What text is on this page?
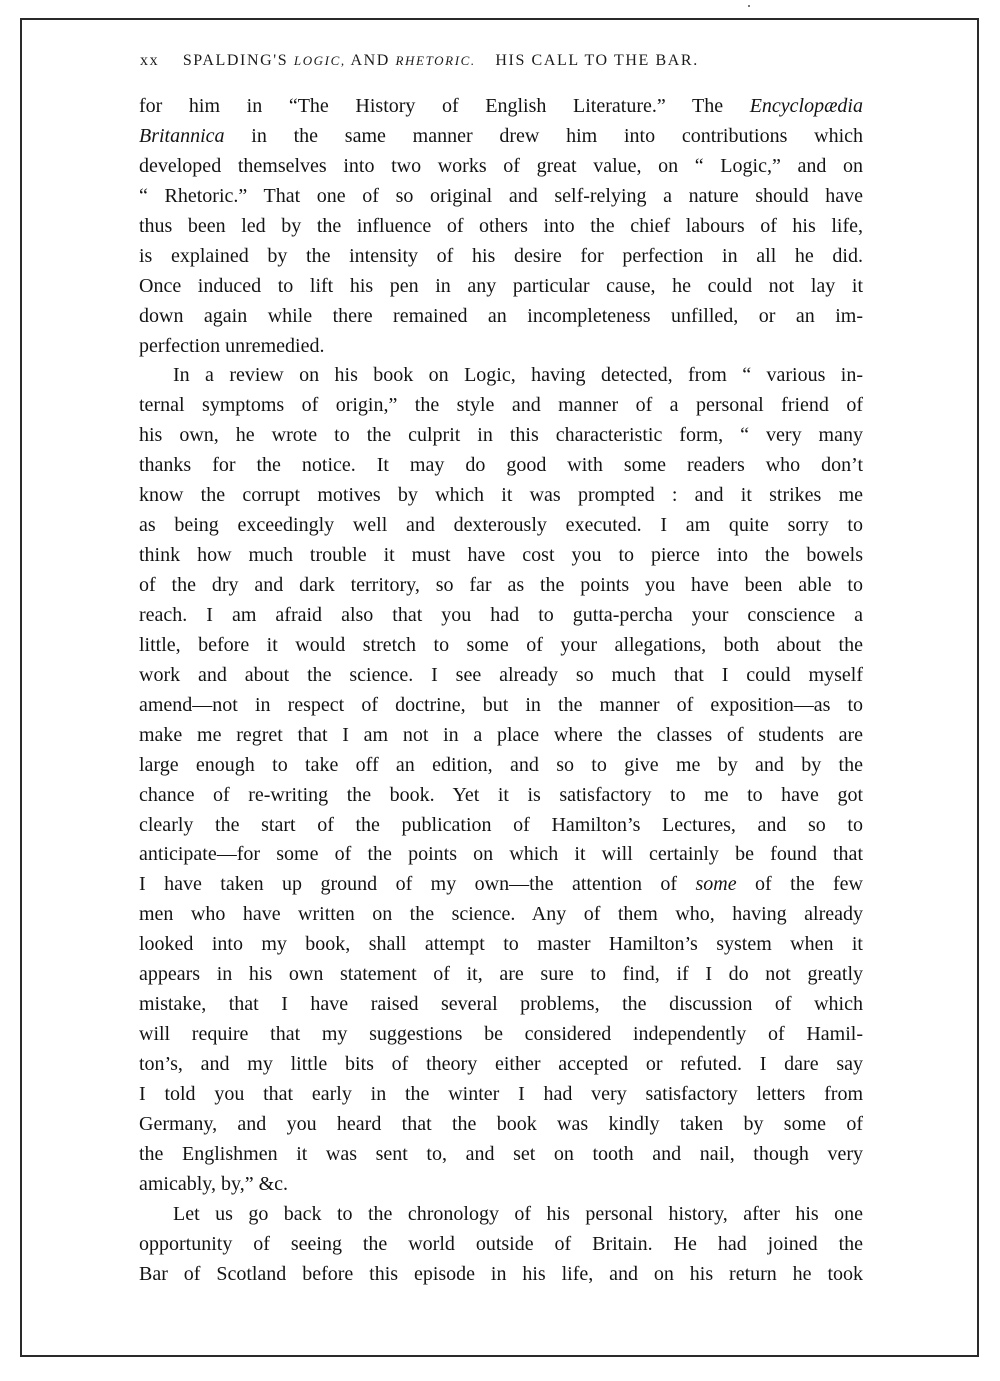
xx SPALDING'S LOGIC, AND RHETORIC. HIS CALL TO THE BAR.
for him in “The History of English Literature.” The Encyclopædia
Britannica in the same manner drew him into contributions which
developed themselves into two works of great value, on “ Logic,” and on
“ Rhetoric.” That one of so original and self-relying a nature should have
thus been led by the influence of others into the chief labours of his life,
is explained by the intensity of his desire for perfection in all he did.
Once induced to lift his pen in any particular cause, he could not lay it
down again while there remained an incompleteness unfilled, or an im-
perfection unremedied.
In a review on his book on Logic, having detected, from “ various in-
ternal symptoms of origin,” the style and manner of a personal friend of
his own, he wrote to the culprit in this characteristic form, “ very many
thanks for the notice. It may do good with some readers who don’t
know the corrupt motives by which it was prompted : and it strikes me
as being exceedingly well and dexterously executed. I am quite sorry to
think how much trouble it must have cost you to pierce into the bowels
of the dry and dark territory, so far as the points you have been able to
reach. I am afraid also that you had to gutta-percha your conscience a
little, before it would stretch to some of your allegations, both about the
work and about the science. I see already so much that I could myself
amend—not in respect of doctrine, but in the manner of exposition—as to
make me regret that I am not in a place where the classes of students are
large enough to take off an edition, and so to give me by and by the
chance of re-writing the book. Yet it is satisfactory to me to have got
clearly the start of the publication of Hamilton’s Lectures, and so to
anticipate—for some of the points on which it will certainly be found that
I have taken up ground of my own—the attention of some of the few
men who have written on the science. Any of them who, having already
looked into my book, shall attempt to master Hamilton’s system when it
appears in his own statement of it, are sure to find, if I do not greatly
mistake, that I have raised several problems, the discussion of which
will require that my suggestions be considered independently of Hamil-
ton’s, and my little bits of theory either accepted or refuted. I dare say
I told you that early in the winter I had very satisfactory letters from
Germany, and you heard that the book was kindly taken by some of
the Englishmen it was sent to, and set on tooth and nail, though very
amicably, by,” &c.
Let us go back to the chronology of his personal history, after his one
opportunity of seeing the world outside of Britain. He had joined the
Bar of Scotland before this episode in his life, and on his return he took
